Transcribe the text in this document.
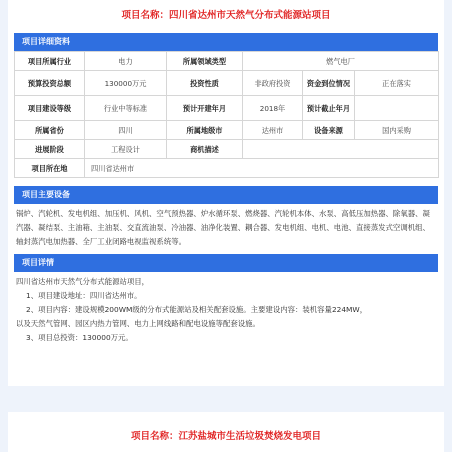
项目名称：四川省达州市天然气分布式能源站项目
项目详细资料
项目所属行业	电力	所属领域类型	燃气电厂		
预算投资总额	130000万元	投资性质	非政府投资	资金到位情况	正在落实
项目建设等级	行业中等标准	预计开建年月	2018年	预计截止年月	
所属省份	四川	所属地级市	达州市	设备来源	国内采购
进展阶段	工程设计	商机描述			
项目所在地	四川省达州市				
项目主要设备
锅炉、汽轮机、发电机组、加压机、风机、空气预热器、炉水循环泵、燃烧器、汽轮机本体、水泵、高低压加热器、除氧器、凝汽器、凝结泵、主油箱、主油泵、交直流油泵、冷油器、油净化装置、耦合器、发电机组、电机、电池、直接蒸发式空调机组、轴封蒸汽电加热器、全厂工业闭路电视监视系统等。
项目详情
四川省达州市天然气分布式能源站项目，
1、项目建设地址：四川省达州市。
2、项目内容：建设规模200WM级的分布式能源站及相关配套设施。主要建设内容：装机容量224MW，
以及天然气管网、园区内热力管网、电力上网线路和配电设施等配套设施。
3、项目总投资：130000万元。
项目名称：江苏盐城市生活垃圾焚烧发电项目
